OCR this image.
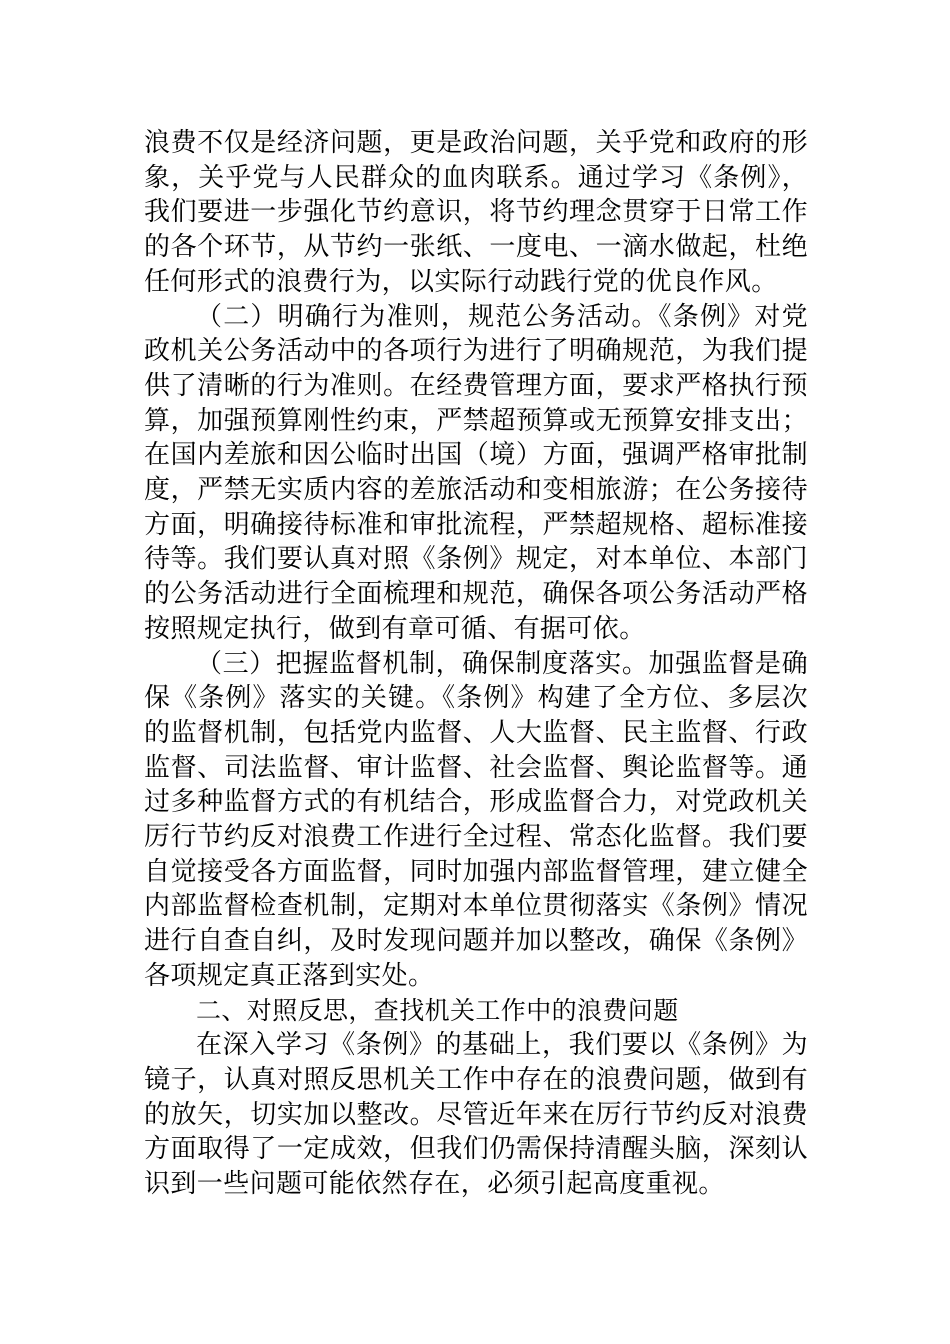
浪费不仅是经济问题，更是政治问题，关乎党和政府的形象，关乎党与人民群众的血肉联系。通过学习《条例》，我们要进一步强化节约意识，将节约理念贯穿于日常工作的各个环节，从节约一张纸、一度电、一滴水做起，杜绝任何形式的浪费行为，以实际行动践行党的优良作风。

（二）明确行为准则，规范公务活动。《条例》对党政机关公务活动中的各项行为进行了明确规范，为我们提供了清晰的行为准则。在经费管理方面，要求严格执行预算，加强预算刚性约束，严禁超预算或无预算安排支出；在国内差旅和因公临时出国（境）方面，强调严格审批制度，严禁无实质内容的差旅活动和变相旅游；在公务接待方面，明确接待标准和审批流程，严禁超规格、超标准接待等。我们要认真对照《条例》规定，对本单位、本部门的公务活动进行全面梳理和规范，确保各项公务活动严格按照规定执行，做到有章可循、有据可依。

（三）把握监督机制，确保制度落实。加强监督是确保《条例》落实的关键。《条例》构建了全方位、多层次的监督机制，包括党内监督、人大监督、民主监督、行政监督、司法监督、审计监督、社会监督、舆论监督等。通过多种监督方式的有机结合，形成监督合力，对党政机关厉行节约反对浪费工作进行全过程、常态化监督。我们要自觉接受各方面监督，同时加强内部监督管理，建立健全内部监督检查机制，定期对本单位贯彻落实《条例》情况进行自查自纠，及时发现问题并加以整改，确保《条例》各项规定真正落到实处。

二、对照反思，查找机关工作中的浪费问题

在深入学习《条例》的基础上，我们要以《条例》为镜子，认真对照反思机关工作中存在的浪费问题，做到有的放矢，切实加以整改。尽管近年来在厉行节约反对浪费方面取得了一定成效，但我们仍需保持清醒头脑，深刻认识到一些问题可能依然存在，必须引起高度重视。
